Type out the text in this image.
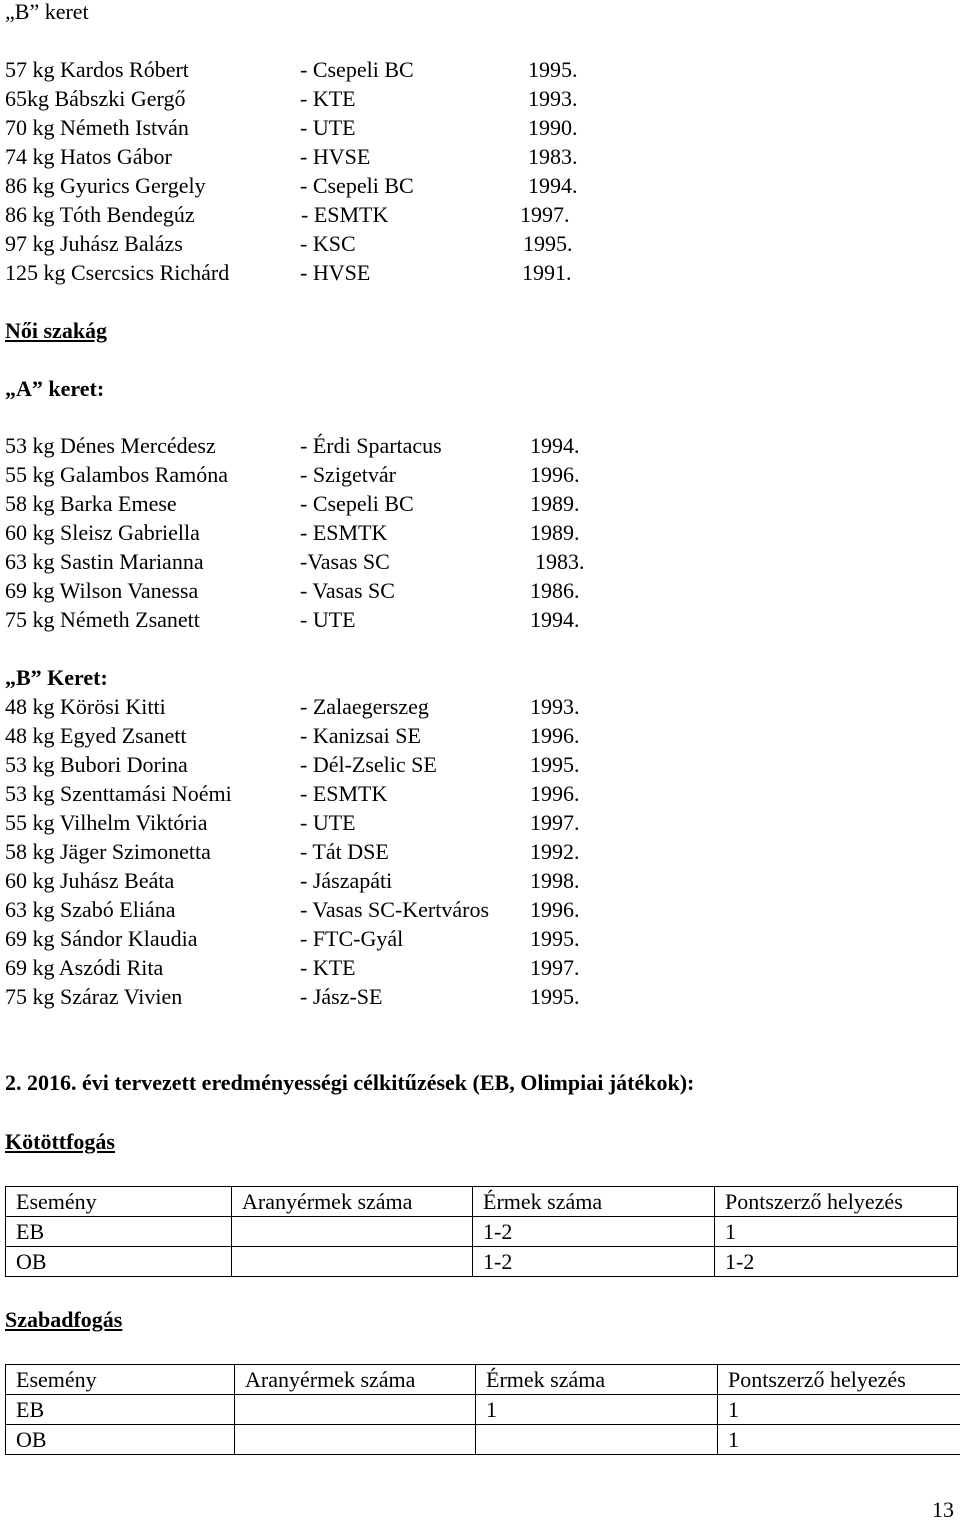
„B” keret
57 kg Kardos Róbert	- Csepeli BC	1995.
65kg Bábszki Gergő	- KTE	1993.
70 kg Németh István	- UTE	1990.
74 kg Hatos Gábor	- HVSE	1983.
86 kg Gyurics Gergely	- Csepeli BC	1994.
86 kg Tóth Bendegúz	- ESMTK	1997.
97 kg Juhász Balázs	- KSC	1995.
125 kg Csercsics Richárd	- HVSE	1991.
Női szakág
„A” keret:
53 kg Dénes Mercédesz	- Érdi Spartacus	1994.
55 kg Galambos Ramóna	- Szigetvár	1996.
58 kg Barka Emese	- Csepeli BC	1989.
60 kg Sleisz Gabriella	- ESMTK	1989.
63 kg Sastin Marianna	-Vasas SC	1983.
69 kg Wilson Vanessa	- Vasas SC	1986.
75 kg Németh Zsanett	- UTE	1994.
„B” Keret:
48 kg Körösi Kitti	- Zalaegerszeg	1993.
48 kg Egyed Zsanett	- Kanizsai SE	1996.
53 kg Bubori Dorina	- Dél-Zselic SE	1995.
53 kg Szenttamási Noémi	- ESMTK	1996.
55 kg Vilhelm Viktória	- UTE	1997.
58 kg Jäger Szimonetta	- Tát DSE	1992.
60 kg Juhász Beáta	- Jászapáti	1998.
63 kg Szabó Eliána	- Vasas SC-Kertváros 1996.
69 kg Sándor Klaudia	- FTC-Gyál	1995.
69 kg Aszódi Rita	- KTE	1997.
75 kg Száraz Vivien	- Jász-SE	1995.
2. 2016. évi tervezett eredményességi célkitűzések (EB, Olimpiai játékok):
Kötöttfogás
Esemény	Aranyérmek száma	Érmek száma	Pontszerző helyezés
EB		1-2	1
OB		1-2	1-2
Szabadfogás
Esemény	Aranyérmek száma	Érmek száma	Pontszerző helyezés
EB		1	1
OB			1
13
